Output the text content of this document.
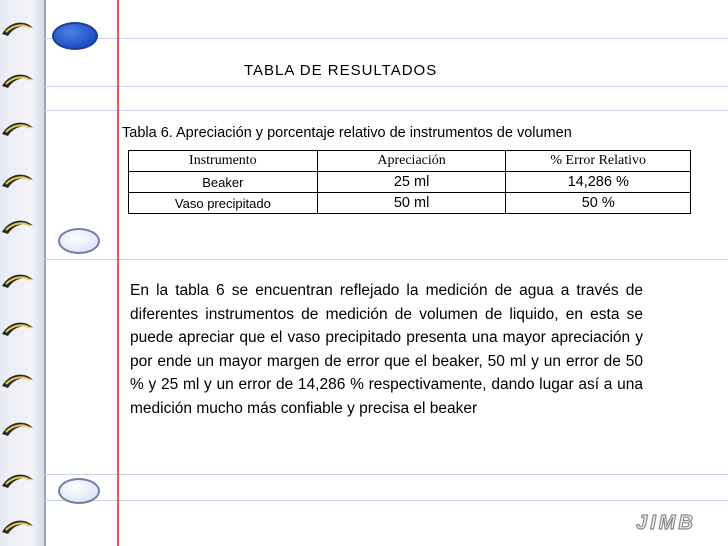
TABLA DE RESULTADOS
Tabla 6. Apreciación y porcentaje relativo de instrumentos de volumen
Instrumento	Apreciación	% Error Relativo
Beaker	25 ml	14,286 %
Vaso precipitado	50 ml	50 %
En la tabla 6 se encuentran reflejado la medición de agua a través de diferentes instrumentos de medición de volumen de liquido, en esta se puede apreciar que el vaso precipitado presenta una mayor apreciación y por ende un mayor margen de error que el beaker, 50 ml y un error de 50 % y 25 ml y un error de 14,286 % respectivamente, dando lugar así a una medición mucho más confiable y precisa el beaker
JIMB
